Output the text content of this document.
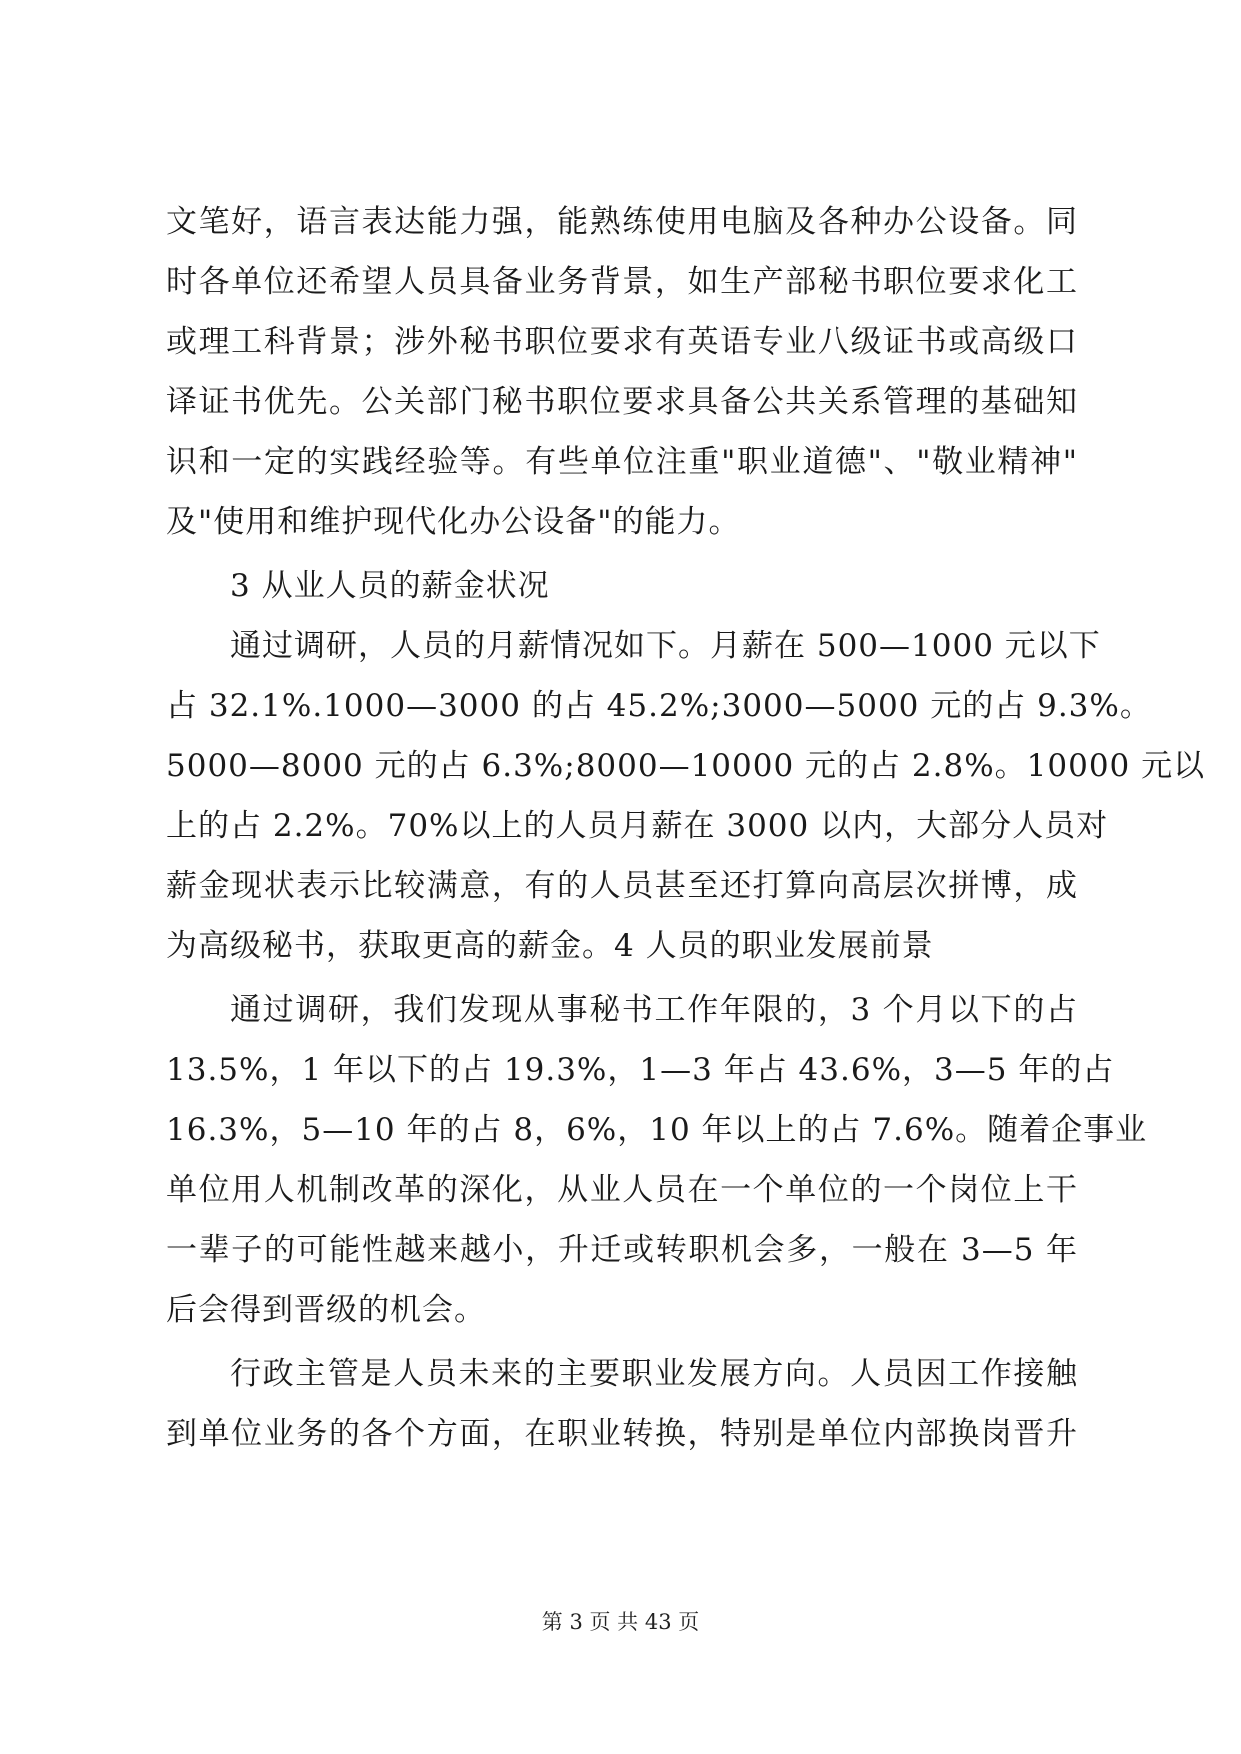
文笔好，语言表达能力强，能熟练使用电脑及各种办公设备。同
时各单位还希望人员具备业务背景，如生产部秘书职位要求化工
或理工科背景；涉外秘书职位要求有英语专业八级证书或高级口
译证书优先。公关部门秘书职位要求具备公共关系管理的基础知
识和一定的实践经验等。有些单位注重"职业道德"、"敬业精神"
及"使用和维护现代化办公设备"的能力。
3 从业人员的薪金状况
通过调研，人员的月薪情况如下。月薪在 500—1000 元以下
占 32.1%.1000—3000 的占 45.2%;3000—5000 元的占 9.3%。
5000—8000 元的占 6.3%;8000—10000 元的占 2.8%。10000 元以
上的占 2.2%。70%以上的人员月薪在 3000 以内，大部分人员对
薪金现状表示比较满意，有的人员甚至还打算向高层次拼博，成
为高级秘书，获取更高的薪金。4 人员的职业发展前景
通过调研，我们发现从事秘书工作年限的，3 个月以下的占
13.5%，1 年以下的占 19.3%，1—3 年占 43.6%，3—5 年的占
16.3%，5—10 年的占 8，6%，10 年以上的占 7.6%。随着企事业
单位用人机制改革的深化，从业人员在一个单位的一个岗位上干
一辈子的可能性越来越小，升迁或转职机会多，一般在 3—5 年
后会得到晋级的机会。
行政主管是人员未来的主要职业发展方向。人员因工作接触
到单位业务的各个方面，在职业转换，特别是单位内部换岗晋升
第 3 页 共 43 页
